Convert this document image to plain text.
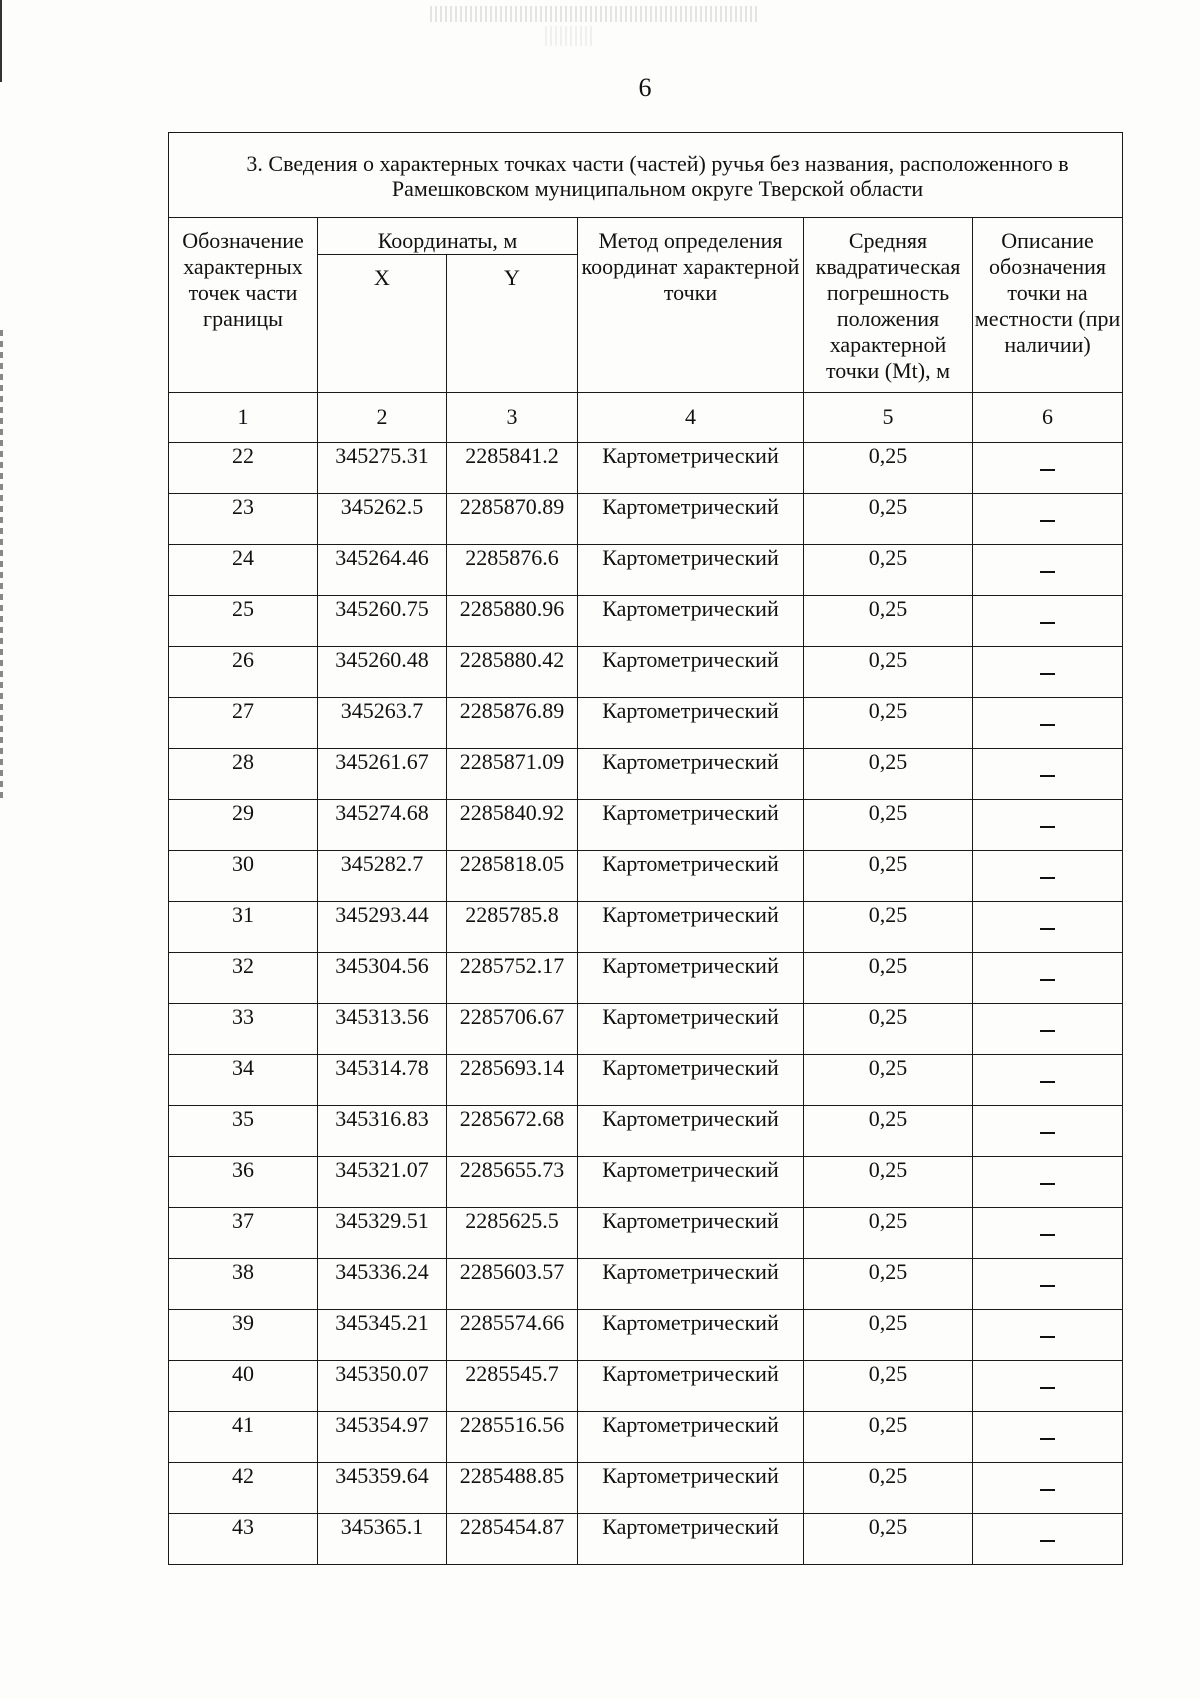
6
3. Сведения о характерных точках части (частей) ручья без названия, расположенного в Рамешковском муниципальном округе Тверской области					
Обозначение характерных точек части границы	Координаты, м		Метод определения координат характерной точки	Средняя квадратическая погрешность положения характерной точки (Mt), м	Описание обозначения точки на местности (при наличии)
	X	Y			
1	2	3	4	5	6
22	345275.31	2285841.2	Картометрический	0,25	
23	345262.5	2285870.89	Картометрический	0,25	
24	345264.46	2285876.6	Картометрический	0,25	
25	345260.75	2285880.96	Картометрический	0,25	
26	345260.48	2285880.42	Картометрический	0,25	
27	345263.7	2285876.89	Картометрический	0,25	
28	345261.67	2285871.09	Картометрический	0,25	
29	345274.68	2285840.92	Картометрический	0,25	
30	345282.7	2285818.05	Картометрический	0,25	
31	345293.44	2285785.8	Картометрический	0,25	
32	345304.56	2285752.17	Картометрический	0,25	
33	345313.56	2285706.67	Картометрический	0,25	
34	345314.78	2285693.14	Картометрический	0,25	
35	345316.83	2285672.68	Картометрический	0,25	
36	345321.07	2285655.73	Картометрический	0,25	
37	345329.51	2285625.5	Картометрический	0,25	
38	345336.24	2285603.57	Картометрический	0,25	
39	345345.21	2285574.66	Картометрический	0,25	
40	345350.07	2285545.7	Картометрический	0,25	
41	345354.97	2285516.56	Картометрический	0,25	
42	345359.64	2285488.85	Картометрический	0,25	
43	345365.1	2285454.87	Картометрический	0,25	
